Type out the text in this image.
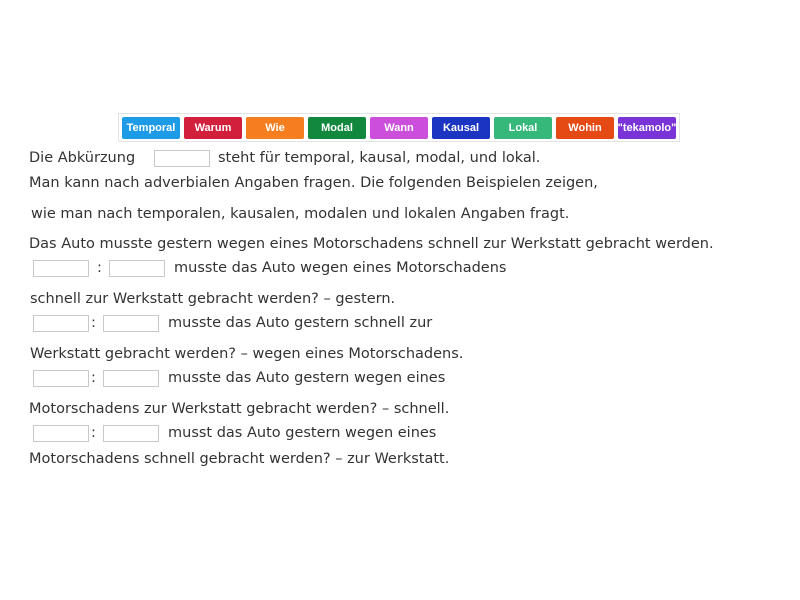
Temporal	Warum	Wie	Modal	Wann	Kausal	Lokal	Wohin	"tekamolo"
Die Abkürzung	steht für temporal, kausal, modal, und lokal.
Man kann nach adverbialen Angaben fragen. Die folgenden Beispielen zeigen,
wie man nach temporalen, kausalen, modalen und lokalen Angaben fragt.
Das Auto musste gestern wegen eines Motorschadens schnell zur Werkstatt gebracht werden.
:	musste das Auto wegen eines Motorschadens
schnell zur Werkstatt gebracht werden? – gestern.
:	musste das Auto gestern schnell zur
Werkstatt gebracht werden? – wegen eines Motorschadens.
:	musste das Auto gestern wegen eines
Motorschadens zur Werkstatt gebracht werden? – schnell.
:	musst das Auto gestern wegen eines
Motorschadens schnell gebracht werden? – zur Werkstatt.
